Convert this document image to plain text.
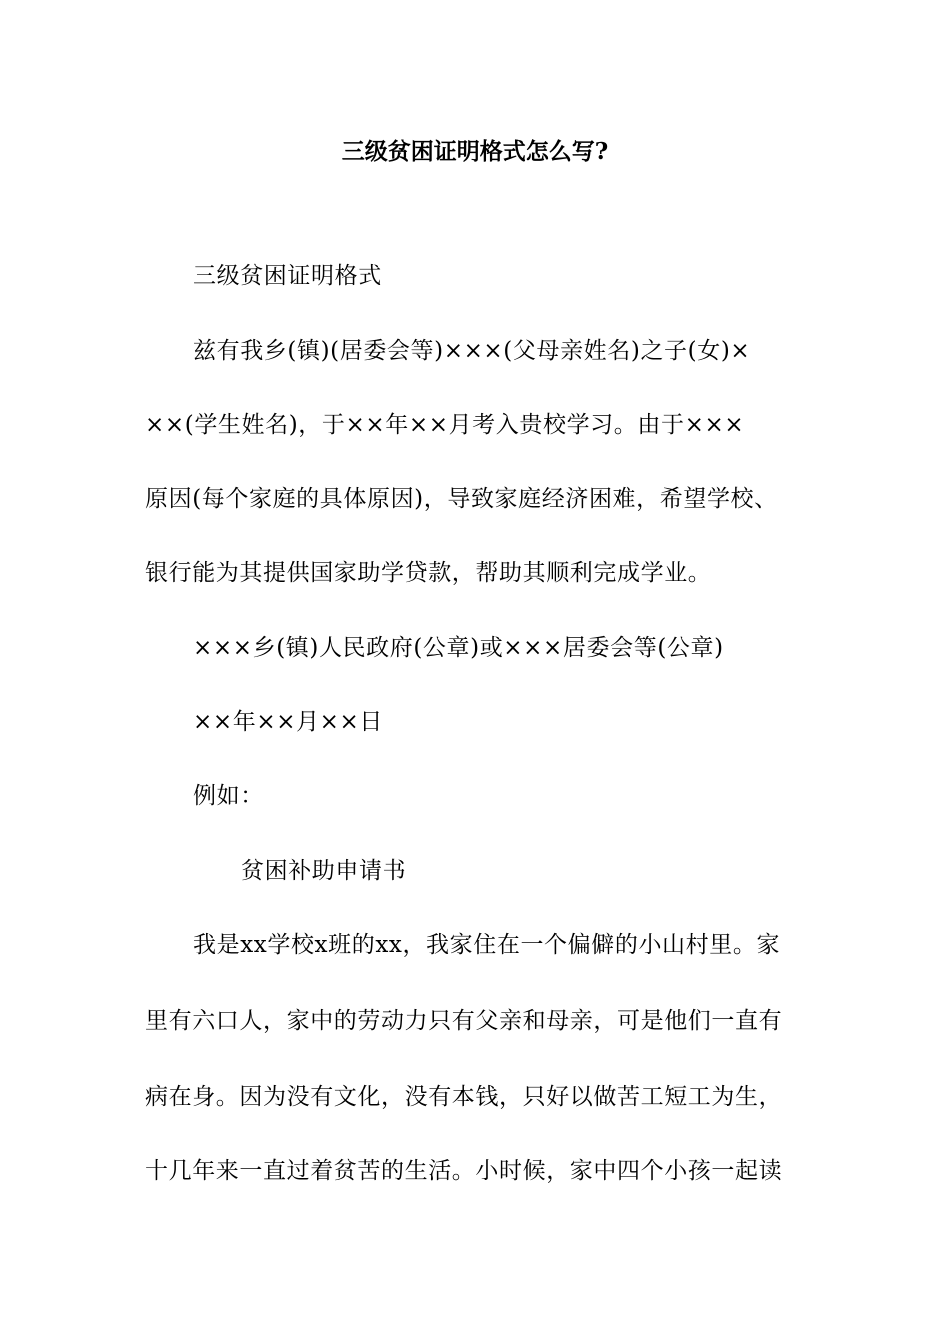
三级贫困证明格式怎么写?
三级贫困证明格式
兹有我乡(镇)(居委会等)×××(父母亲姓名)之子(女)×
××(学生姓名)，于××年××月考入贵校学习。由于×××
原因(每个家庭的具体原因)，导致家庭经济困难，希望学校、
银行能为其提供国家助学贷款，帮助其顺利完成学业。
×××乡(镇)人民政府(公章)或×××居委会等(公章)
××年××月××日
例如：
贫困补助申请书
我是xx学校x班的xx，我家住在一个偏僻的小山村里。家
里有六口人，家中的劳动力只有父亲和母亲，可是他们一直有
病在身。因为没有文化，没有本钱，只好以做苦工短工为生，
十几年来一直过着贫苦的生活。小时候，家中四个小孩一起读
